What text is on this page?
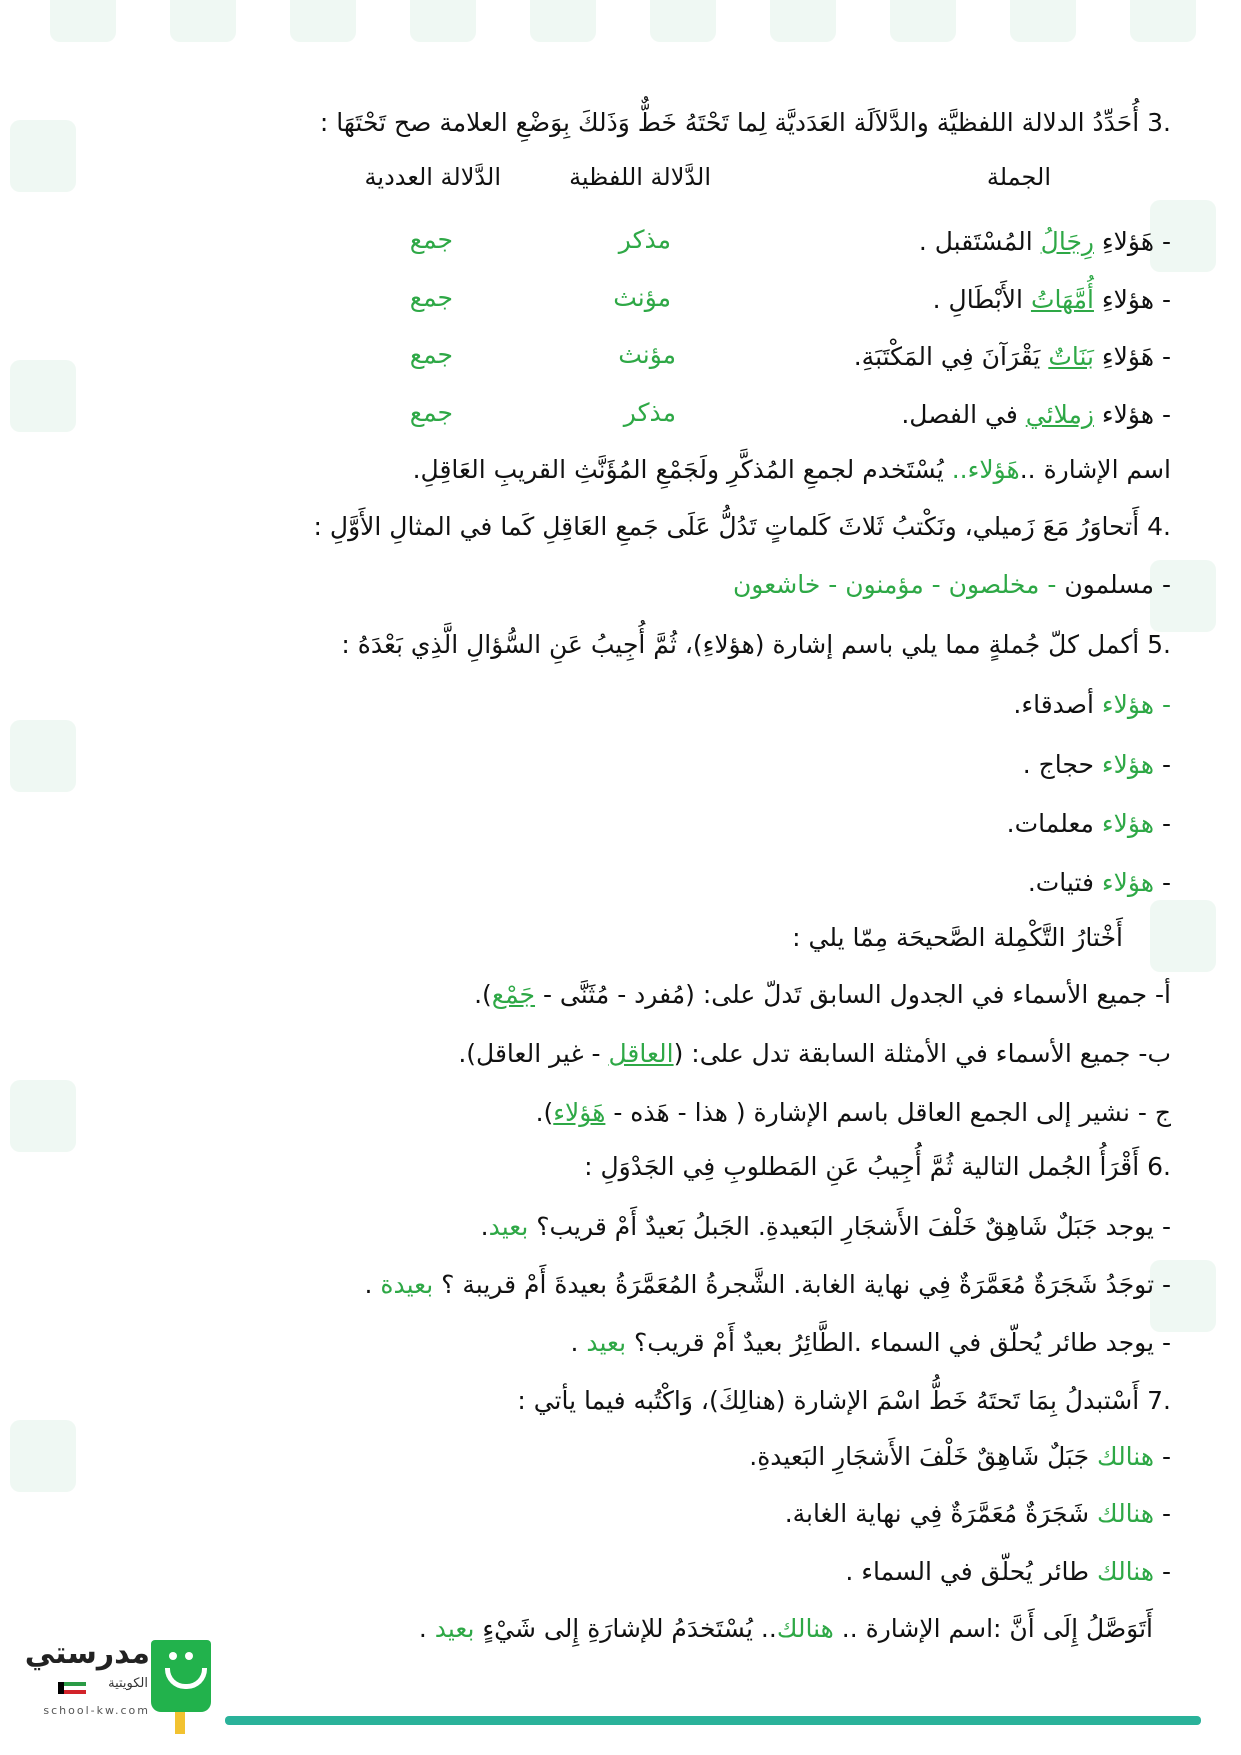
.3 أُحَدِّدُ الدلالة اللفظيَّة والدَّلاَلَة العَدَديَّة لِما تَحْتَهُ خَطٌّ وَذَلكَ بِوَضْعِ العلامة صح تَحْتَهَا :
الجملة
الدَّلالة اللفظية
الدَّلالة العددية
- هَؤلاءِ رِجَالُ المُسْتَقبل .
مذكر
جمع
- هؤلاءِ أُمَّهَاتُ الأَبْطَالِ .
مؤنث
جمع
- هَؤلاءِ بَنَاتٌ يَقْرَآنَ فِي المَكْتَبَةِ.
مؤنث
جمع
- هؤلاء زملائي في الفصل.
مذكر
جمع
اسم الإشارة ..هَؤلاء.. يُسْتَخدم لجمعِ المُذكَّرِ ولَجَمْعِ المُؤَنَّثِ القريبِ العَاقِلِ.
.4 أَتحاوَرُ مَعَ زَميلي، ونَكْتبُ ثَلاثَ كَلماتٍ تَدُلُّ عَلَى جَمعِ العَاقِلِ كَما في المثالِ الأَوَّلِ :
- مسلمون - مخلصون - مؤمنون - خاشعون
.5 أكمل كلّ جُملةٍ مما يلي باسم إشارة (هؤلاءِ)، ثُمَّ أُجِيبُ عَنِ السُّؤالِ الَّذِي بَعْدَهُ :
- هؤلاء أصدقاء.
- هؤلاء حجاج .
- هؤلاء معلمات.
- هؤلاء فتيات.
أَخْتارُ التَّكْمِلة الصَّحيحَة مِمّا يلي :
أ- جميع الأسماء في الجدول السابق تَدلّ على: (مُفرد - مُثَنَّى - جَمْع).
ب- جميع الأسماء في الأمثلة السابقة تدل على: (العاقل - غير العاقل).
ج - نشير إلى الجمع العاقل باسم الإشارة ( هذا - هَذه - هَؤلاء).
.6 أَقْرَأُ الجُمل التالية ثُمَّ أُجِيبُ عَنِ المَطلوبِ فِي الجَدْوَلِ :
- يوجد جَبَلٌ شَاهِقٌ خَلْفَ الأَشجَارِ البَعيدةِ. الجَبلُ بَعيدٌ أَمْ قريب؟ بعيد.
- توجَدُ شَجَرَةٌ مُعَمَّرَةٌ فِي نهاية الغابة. الشَّجرةُ المُعَمَّرَةُ بعيدةَ أَمْ قريبة ؟ بعيدة .
- يوجد طائر يُحلّق في السماء .الطَّائِرُ بعيدٌ أَمْ قريب؟ بعيد .
.7 أَسْتبدلُ بِمَا تَحتَهُ خَطُّ اسْمَ الإشارة (هنالِكَ)، وَاكْتُبه فيما يأتي :
- هنالك جَبَلٌ شَاهِقٌ خَلْفَ الأَشجَارِ البَعيدةِ.
- هنالك شَجَرَةٌ مُعَمَّرَةٌ فِي نهاية الغابة.
- هنالك طائر يُحلّق في السماء .
أَتَوَصَّلُ إِلَى أَنَّ :اسم الإشارة .. هنالك.. يُسْتَخدَمُ للإشارَةِ إِلى شَيْءٍ بعيد .
مدرستي
الكويتية
school-kw.com
